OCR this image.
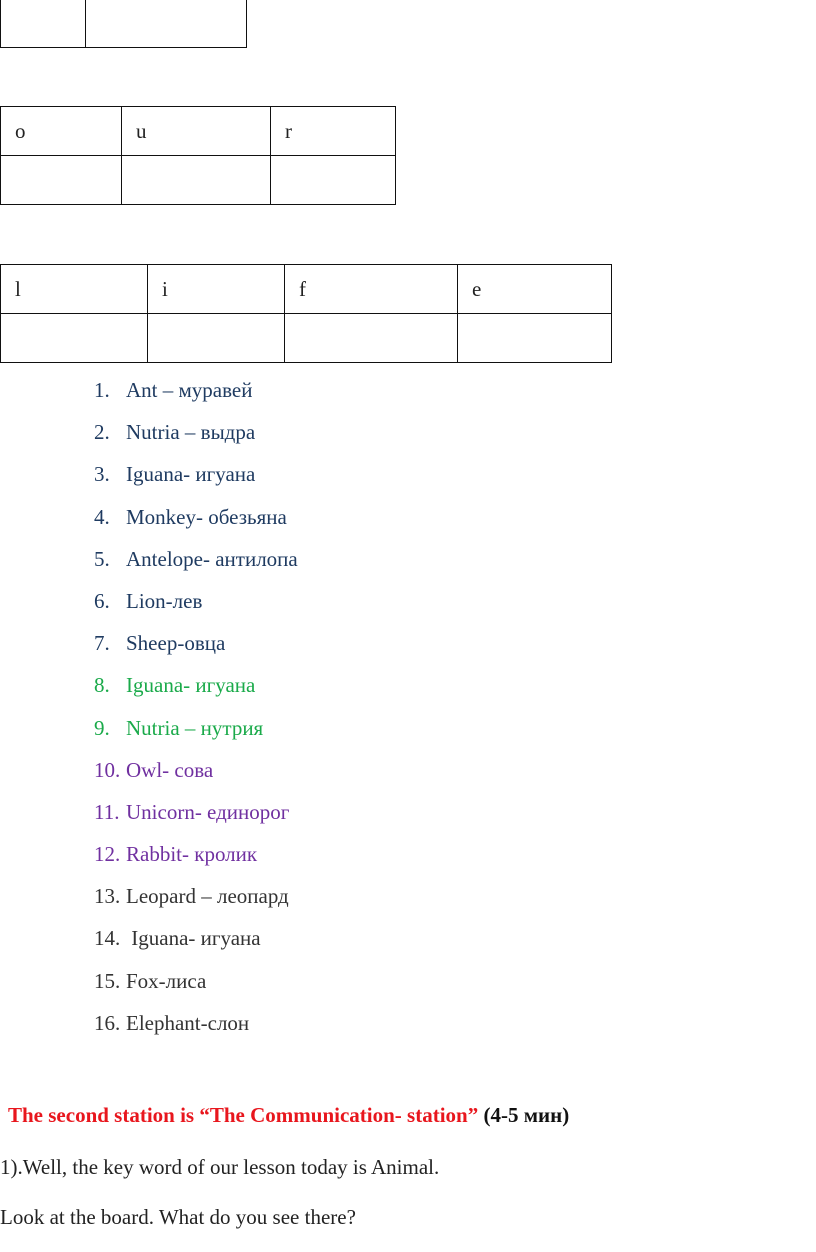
o	u	r

l	i	f	e

1. Ant – муравей
2. Nutria – выдра
3. Iguana- игуана
4. Monkey- обезьяна
5. Antelope- антилопа
6. Lion-лев
7. Sheep-овца
8. Iguana- игуана
9. Nutria – нутрия
10. Owl- сова
11. Unicorn- единорог
12. Rabbit- кролик
13. Leopard – леопард
14. Iguana- игуана
15. Fox-лиса
16. Elephant-слон
The second station is “The Communication- station” (4-5 мин)
1).Well, the key word of our lesson today is Animal.
Look at the board. What do you see there?
